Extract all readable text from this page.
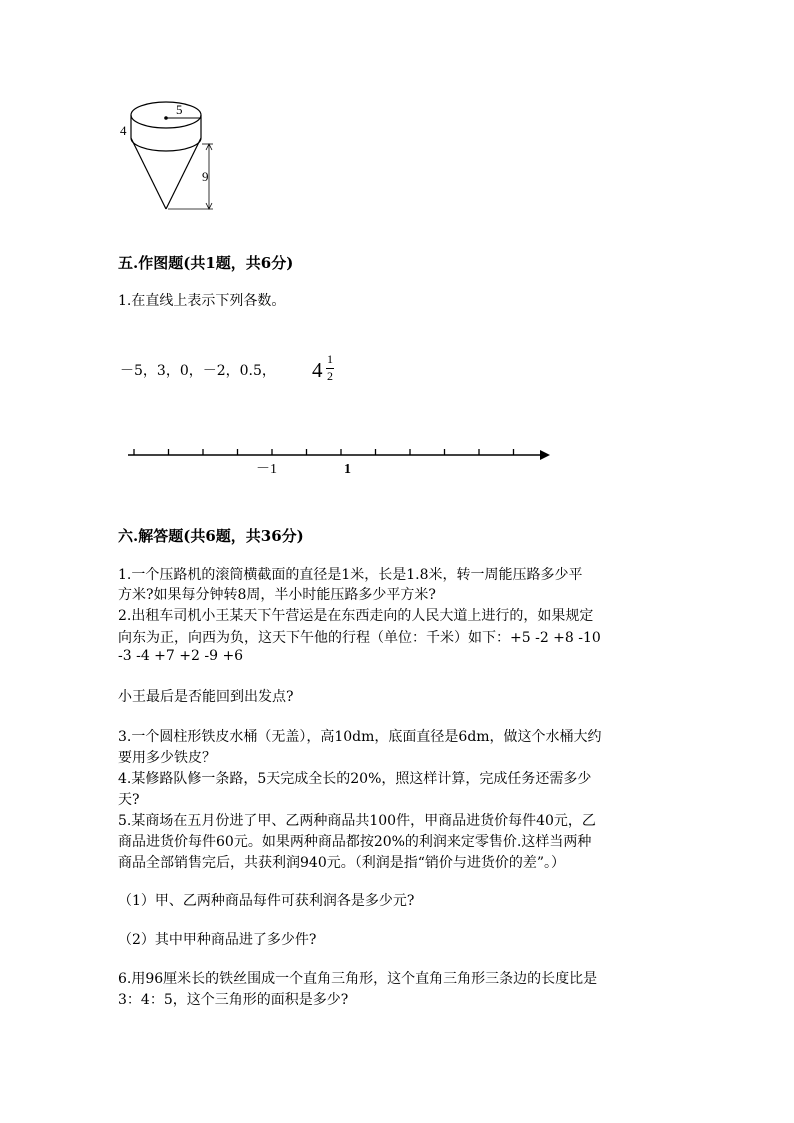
5
4
9
五.作图题(共1题，共6分)
1.在直线上表示下列各数。
－5，3，0，－2，0.5， 4 1
2
－1	1
六.解答题(共6题，共36分)
1.一个压路机的滚筒横截面的直径是1米，长是1.8米，转一周能压路多少平
方米?如果每分钟转8周，半小时能压路多少平方米?
2.出租车司机小王某天下午营运是在东西走向的人民大道上进行的，如果规定
向东为正，向西为负，这天下午他的行程（单位：千米）如下：+5 -2 +8 -10
-3 -4 +7 +2 -9 +6
小王最后是否能回到出发点?
3.一个圆柱形铁皮水桶（无盖），高10dm，底面直径是6dm，做这个水桶大约
要用多少铁皮？
4.某修路队修一条路，5天完成全长的20%，照这样计算，完成任务还需多少
天?
5.某商场在五月份进了甲、乙两种商品共100件，甲商品进货价每件40元，乙
商品进货价每件60元。如果两种商品都按20%的利润来定零售价.这样当两种
商品全部销售完后，共获利润940元。（利润是指“销价与进货价的差”。）
（1）甲、乙两种商品每件可获利润各是多少元?
（2）其中甲种商品进了多少件?
6.用96厘米长的铁丝围成一个直角三角形，这个直角三角形三条边的长度比是
3：4：5，这个三角形的面积是多少?
